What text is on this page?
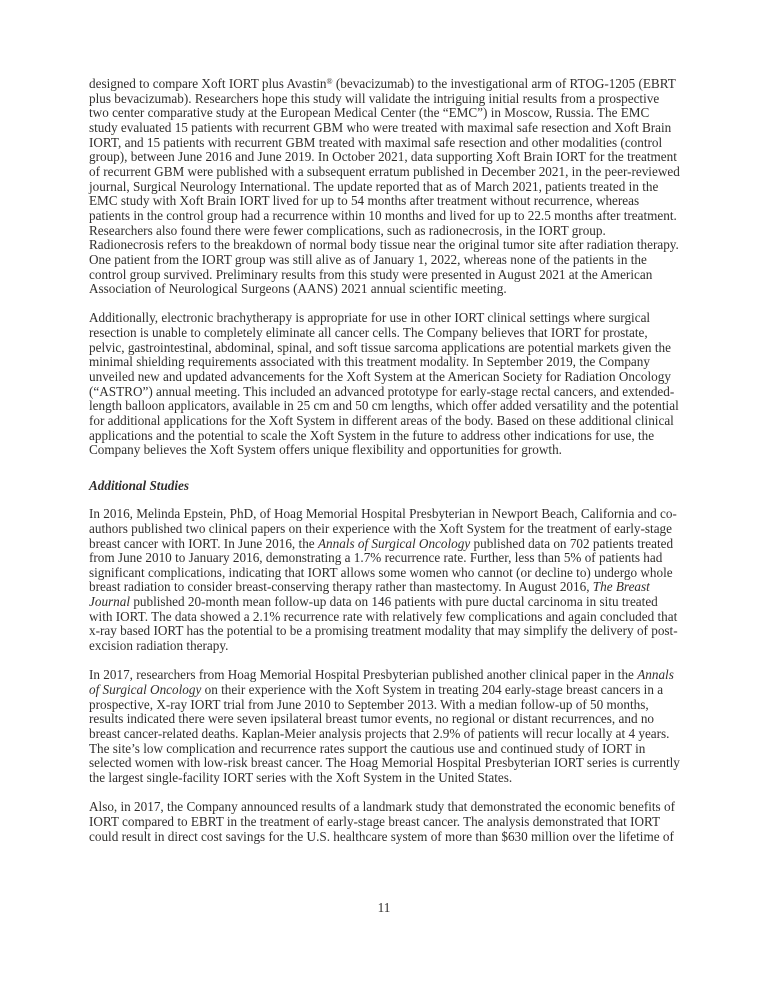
designed to compare Xoft IORT plus Avastin® (bevacizumab) to the investigational arm of RTOG-1205 (EBRT plus bevacizumab). Researchers hope this study will validate the intriguing initial results from a prospective two center comparative study at the European Medical Center (the “EMC”) in Moscow, Russia. The EMC study evaluated 15 patients with recurrent GBM who were treated with maximal safe resection and Xoft Brain IORT, and 15 patients with recurrent GBM treated with maximal safe resection and other modalities (control group), between June 2016 and June 2019. In October 2021, data supporting Xoft Brain IORT for the treatment of recurrent GBM were published with a subsequent erratum published in December 2021, in the peer-reviewed journal, Surgical Neurology International. The update reported that as of March 2021, patients treated in the EMC study with Xoft Brain IORT lived for up to 54 months after treatment without recurrence, whereas patients in the control group had a recurrence within 10 months and lived for up to 22.5 months after treatment. Researchers also found there were fewer complications, such as radionecrosis, in the IORT group. Radionecrosis refers to the breakdown of normal body tissue near the original tumor site after radiation therapy. One patient from the IORT group was still alive as of January 1, 2022, whereas none of the patients in the control group survived. Preliminary results from this study were presented in August 2021 at the American Association of Neurological Surgeons (AANS) 2021 annual scientific meeting.

Additionally, electronic brachytherapy is appropriate for use in other IORT clinical settings where surgical resection is unable to completely eliminate all cancer cells. The Company believes that IORT for prostate, pelvic, gastrointestinal, abdominal, spinal, and soft tissue sarcoma applications are potential markets given the minimal shielding requirements associated with this treatment modality. In September 2019, the Company unveiled new and updated advancements for the Xoft System at the American Society for Radiation Oncology (“ASTRO”) annual meeting. This included an advanced prototype for early-stage rectal cancers, and extended-length balloon applicators, available in 25 cm and 50 cm lengths, which offer added versatility and the potential for additional applications for the Xoft System in different areas of the body. Based on these additional clinical applications and the potential to scale the Xoft System in the future to address other indications for use, the Company believes the Xoft System offers unique flexibility and opportunities for growth.

Additional Studies

In 2016, Melinda Epstein, PhD, of Hoag Memorial Hospital Presbyterian in Newport Beach, California and co-authors published two clinical papers on their experience with the Xoft System for the treatment of early-stage breast cancer with IORT. In June 2016, the Annals of Surgical Oncology published data on 702 patients treated from June 2010 to January 2016, demonstrating a 1.7% recurrence rate. Further, less than 5% of patients had significant complications, indicating that IORT allows some women who cannot (or decline to) undergo whole breast radiation to consider breast-conserving therapy rather than mastectomy. In August 2016, The Breast Journal published 20-month mean follow-up data on 146 patients with pure ductal carcinoma in situ treated with IORT. The data showed a 2.1% recurrence rate with relatively few complications and again concluded that x-ray based IORT has the potential to be a promising treatment modality that may simplify the delivery of post-excision radiation therapy.

In 2017, researchers from Hoag Memorial Hospital Presbyterian published another clinical paper in the Annals of Surgical Oncology on their experience with the Xoft System in treating 204 early-stage breast cancers in a prospective, X-ray IORT trial from June 2010 to September 2013. With a median follow-up of 50 months, results indicated there were seven ipsilateral breast tumor events, no regional or distant recurrences, and no breast cancer-related deaths. Kaplan-Meier analysis projects that 2.9% of patients will recur locally at 4 years. The site’s low complication and recurrence rates support the cautious use and continued study of IORT in selected women with low-risk breast cancer. The Hoag Memorial Hospital Presbyterian IORT series is currently the largest single-facility IORT series with the Xoft System in the United States.

Also, in 2017, the Company announced results of a landmark study that demonstrated the economic benefits of IORT compared to EBRT in the treatment of early-stage breast cancer. The analysis demonstrated that IORT could result in direct cost savings for the U.S. healthcare system of more than $630 million over the lifetime of

11
